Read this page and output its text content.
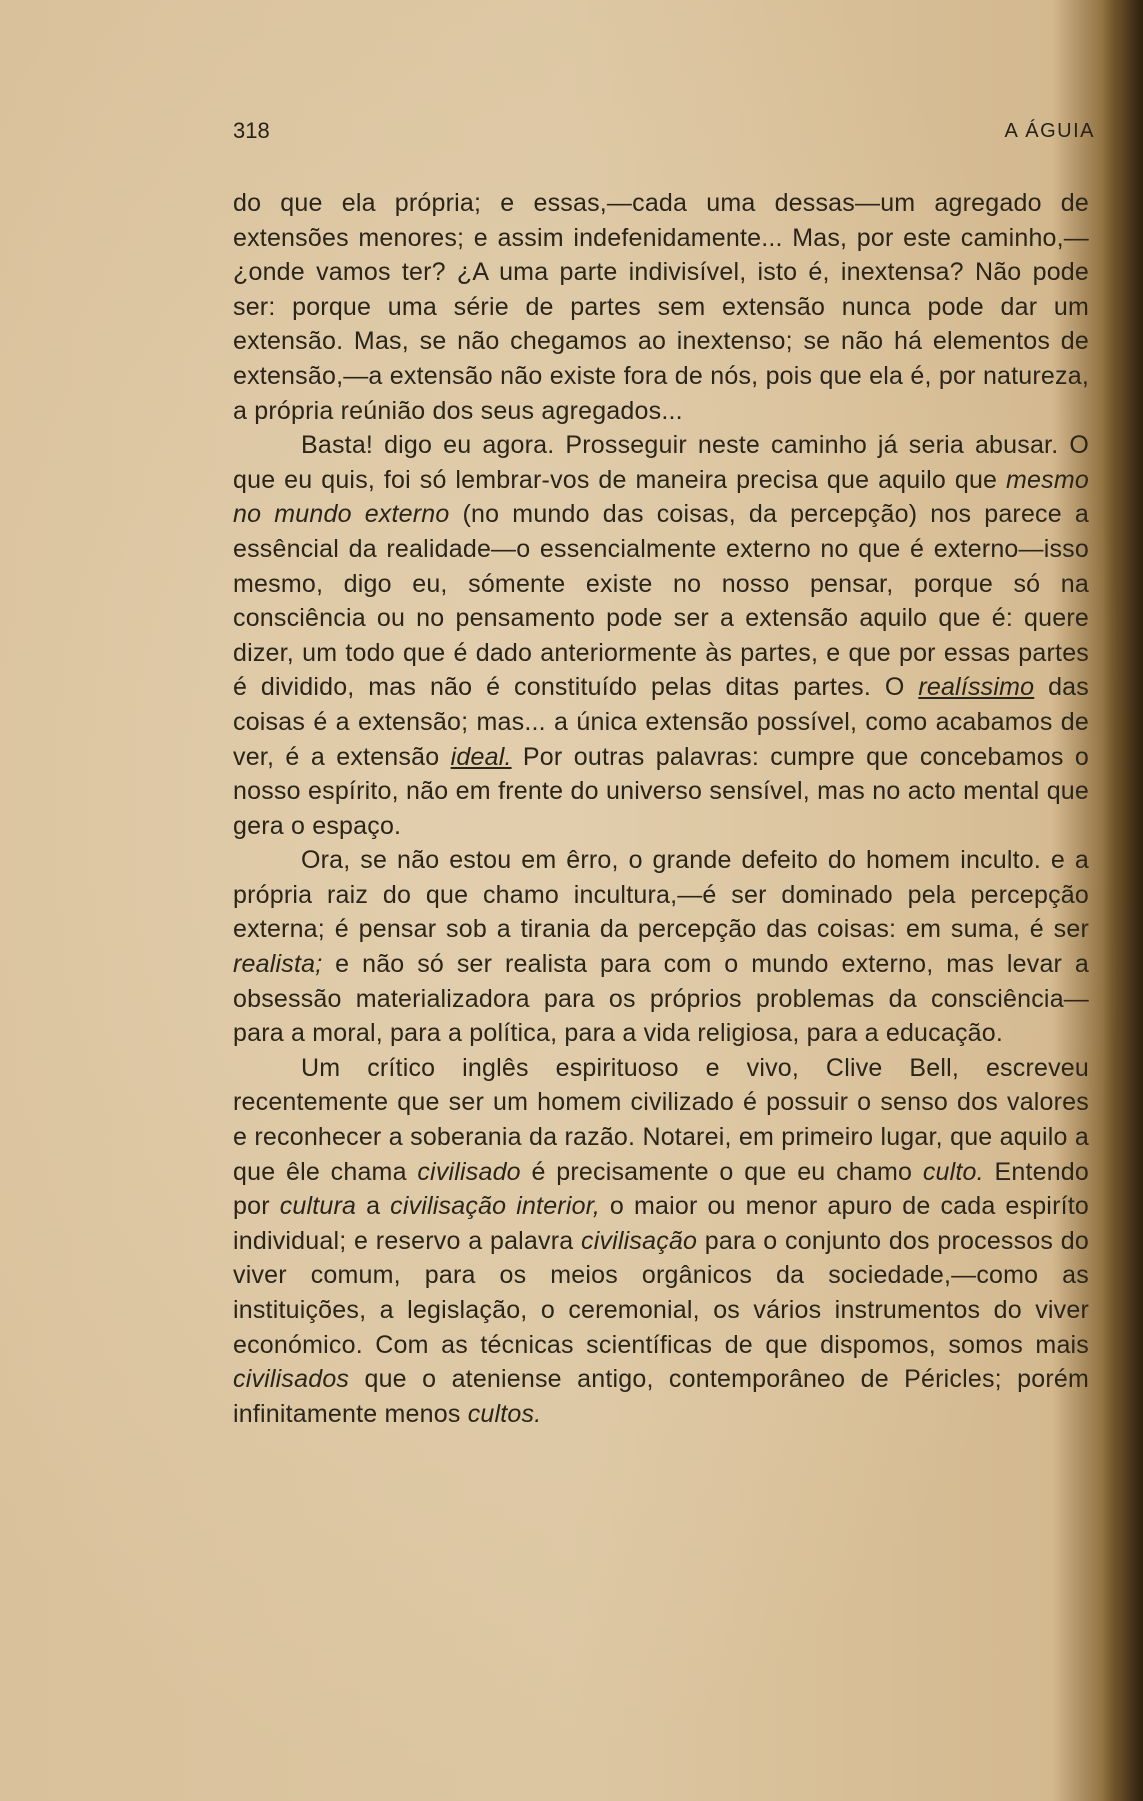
318	A ÁGUIA

do que ela própria; e essas,—cada uma dessas—um agregado de extensões menores; e assim indefenidamente... Mas, por este caminho,—¿onde vamos ter? ¿A uma parte indivisível, isto é, inextensa? Não pode ser: porque uma série de partes sem extensão nunca pode dar um extensão. Mas, se não chegamos ao inextenso; se não há elementos de extensão,—a extensão não existe fora de nós, pois que ela é, por natureza, a própria reúnião dos seus agregados...

Basta! digo eu agora. Prosseguir neste caminho já seria abusar. O que eu quis, foi só lembrar-vos de maneira precisa que aquilo que mesmo no mundo externo (no mundo das coisas, da percepção) nos parece a essêncial da realidade—o essencialmente externo no que é externo—isso mesmo, digo eu, sómente existe no nosso pensar, porque só na consciência ou no pensamento pode ser a extensão aquilo que é: quere dizer, um todo que é dado anteriormente às partes, e que por essas partes é dividido, mas não é constituído pelas ditas partes. O realíssimo das coisas é a extensão; mas... a única extensão possível, como acabamos de ver, é a extensão ideal. Por outras palavras: cumpre que concebamos o nosso espírito, não em frente do universo sensível, mas no acto mental que gera o espaço.

Ora, se não estou em êrro, o grande defeito do homem inculto. e a própria raiz do que chamo incultura,—é ser dominado pela percepção externa; é pensar sob a tirania da percepção das coisas: em suma, é ser realista; e não só ser realista para com o mundo externo, mas levar a obsessão materializadora para os próprios problemas da consciência—para a moral, para a política, para a vida religiosa, para a educação.

Um crítico inglês espirituoso e vivo, Clive Bell, escreveu recentemente que ser um homem civilizado é possuir o senso dos valores e reconhecer a soberania da razão. Notarei, em primeiro lugar, que aquilo a que êle chama civilisado é precisamente o que eu chamo culto. Entendo por cultura a civilisação interior, o maior ou menor apuro de cada espiríto individual; e reservo a palavra civilisação para o conjunto dos processos do viver comum, para os meios orgânicos da sociedade,—como as instituições, a legislação, o ceremonial, os vários instrumentos do viver económico. Com as técnicas scientíficas de que dispomos, somos mais civilisados que o ateniense antigo, contemporâneo de Péricles; porém infinitamente menos cultos.
